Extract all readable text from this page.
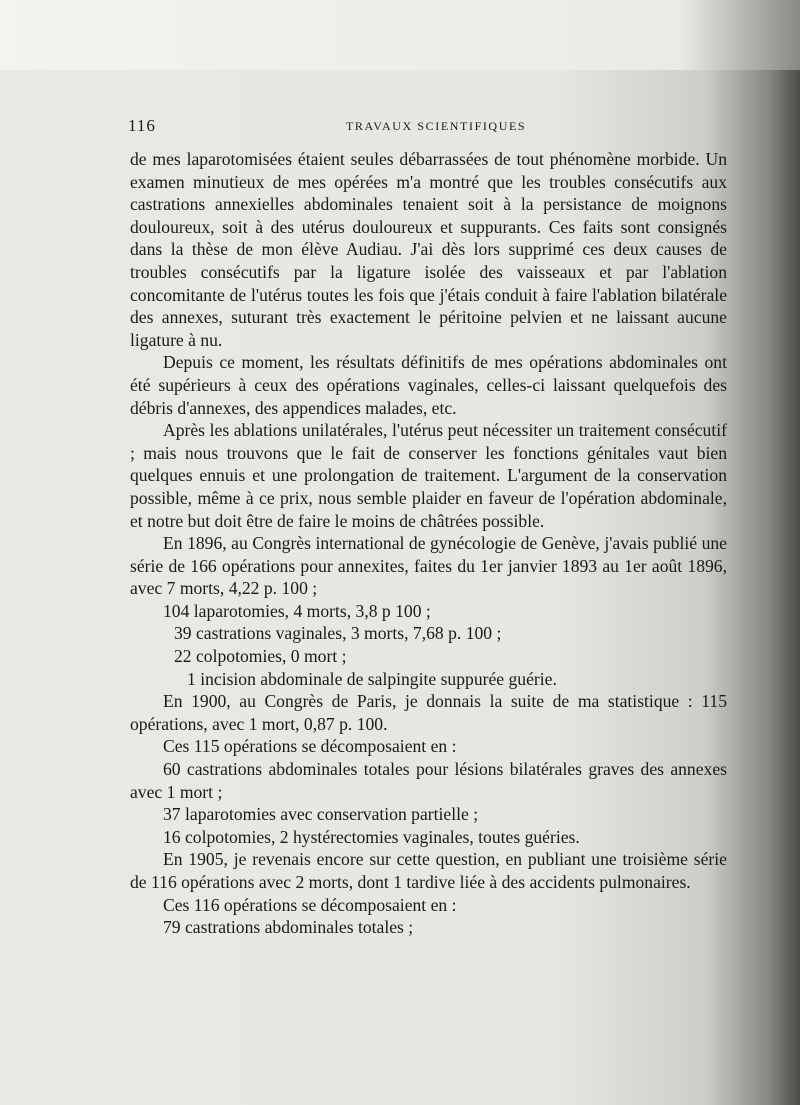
116	TRAVAUX SCIENTIFIQUES

de mes laparotomisées étaient seules débarrassées de tout phénomène morbide. Un examen minutieux de mes opérées m'a montré que les troubles consécutifs aux castrations annexielles abdominales tenaient soit à la persistance de moignons douloureux, soit à des utérus douloureux et suppurants. Ces faits sont consignés dans la thèse de mon élève Audiau. J'ai dès lors supprimé ces deux causes de troubles consécutifs par la ligature isolée des vaisseaux et par l'ablation concomitante de l'utérus toutes les fois que j'étais conduit à faire l'ablation bilatérale des annexes, suturant très exactement le péritoine pelvien et ne laissant aucune ligature à nu.

Depuis ce moment, les résultats définitifs de mes opérations abdominales ont été supérieurs à ceux des opérations vaginales, celles-ci laissant quelquefois des débris d'annexes, des appendices malades, etc.

Après les ablations unilatérales, l'utérus peut nécessiter un traitement consécutif ; mais nous trouvons que le fait de conserver les fonctions génitales vaut bien quelques ennuis et une prolongation de traitement. L'argument de la conservation possible, même à ce prix, nous semble plaider en faveur de l'opération abdominale, et notre but doit être de faire le moins de châtrées possible.

En 1896, au Congrès international de gynécologie de Genève, j'avais publié une série de 166 opérations pour annexites, faites du 1er janvier 1893 au 1er août 1896, avec 7 morts, 4,22 p. 100 ;

104 laparotomies, 4 morts, 3,8 p 100 ;

39 castrations vaginales, 3 morts, 7,68 p. 100 ;

22 colpotomies, 0 mort ;

1 incision abdominale de salpingite suppurée guérie.

En 1900, au Congrès de Paris, je donnais la suite de ma statistique : 115 opérations, avec 1 mort, 0,87 p. 100.

Ces 115 opérations se décomposaient en :

60 castrations abdominales totales pour lésions bilatérales graves des annexes avec 1 mort ;

37 laparotomies avec conservation partielle ;

16 colpotomies, 2 hystérectomies vaginales, toutes guéries.

En 1905, je revenais encore sur cette question, en publiant une troisième série de 116 opérations avec 2 morts, dont 1 tardive liée à des accidents pulmonaires.

Ces 116 opérations se décomposaient en :

79 castrations abdominales totales ;
